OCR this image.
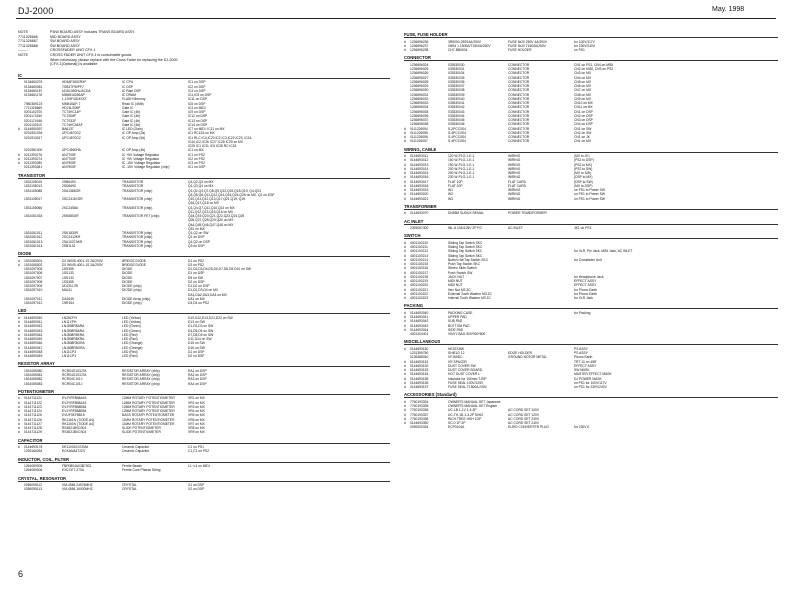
DJ-2000	May. 1998
NOTE	P3N0 BOARD ASSY includes TRANS BOARD ASSY.
7711326666	MID BOARD ASSY
7711326667	SW BOARD ASSY
7711326668	SW BOARD ASSY
--------	CROSSFADER UNIT CFX-1
NOTE	CROSS FADER UNIT CFX-1 is consumable goods.
When necessary, please replace with the Cross Fader for replacing the DJ-2000.
(CFX-1(Optional)) is available
IC
0134660276	HD64F3062RXF	IC CPU	IC1 on DSP
0134660081	TSB47F50PF7	IC DSP	IC2 on DSP
0134660187	UDA1350HL/ACDA	IC Ram DSP	IC3 on DSP
0134661176	M5M516256AP	IC DRAM	IC4,IC5 on DSP
L-10HF4024SXT	FLASH Memory	IC11 on DSP
7980369123	M5M16AP-7	Read IC (4Mb)	IC6 on DSP
7711326669	HD74LS06P	Gate IC	IC4 on MIDI
0201102700	TC74HC14P	Gate IC (4b)	IC9 on DSP
0201174160	TC7S08F	Gate IC (4b)	IC12 on DSP
0201174166	TC7S32F	Gate IC (4b)	IC13 on DSP
0201133110	TC74HC04AF	Gate IC (4b)	IC14 on DSP
#	0144690097	BA6137	IC LED (Gain)	IC7 on MIDI, IC11 on MX
0231931034	UPC4570G2	IC OP Amp (2a)	IC1 RC153 on MX
0231913017	UPC4570G2	IC OP Amp (5d)	IC1 RLC IC4,IC20 IC2 IC3,IC22 IC23, IC24,
IC44,IC2,IC26 IC27 IC28 IC29 on MX
IC25 IC1 IC31 IC6 IC28 RC IC15
0231951000	UPC4560HA	IC OP Amp (4b)	IC1 on MX
#	0211393276	AN7705F	IC +5V Voltage Regulator	IC1 on PS2
#	0211393274	AN7705F	IC +5V Voltage Regulator	IC2 on PS2
#	0211393280	AN7905F	IC -15V Voltage Regulator	IC3 on PS2
0211393281	AN7905F	IC -15V Voltage Regulator (chip)	IC1 on DSP
TRANSISTOR
1531105015	2SB649C	TRANSISTOR	Q1,Q2,Q3 on MX
1531105013	2SD669C	TRANSISTOR	Q1,Q3,Q4 on MX
1531105088	2SA1586GR	TRANSISTOR (chip)	Q1,Q2,Q3,Q7,Q8,Q9,Q12,Q15,Q18,Q19, Q4,Q24
Q4,Q5,Q6,Q11,Q12,Q14,Q16,Q24,Q26 on MX, Q1 on DSP
1531105017	2SC2411KGR	TRANSISTOR (chip)	Q10,Q11,Q12,Q13,Q17,Q21,Q19, Q15
Q16,Q17,Q18 on MX
1531105066	2SC2458A	TRANSISTOR (chip)	Q1,Q4,Q7,Q11,Q10,Q14 on MX
Q11,Q12,Q13,Q15,Q16 on MX
1531061018	2SK880GR	TRANSISTOR FET (chip)	Q18,Q19,Q20,Q21,Q22,Q23,Q24,Q25
Q26,Q27,Q28,Q29,Q30 on MX
Q44,Q45,Q46,Q47,Q48 on MX
Q51 on MX
1531061011	2SK1830R	TRANSISTOR (chip)	Q1,Q2 on SW
1531061012	2SC2413KR	TRANSISTOR (chip)	Q1 on DSP
1531061013	2SA1037AKR	TRANSISTOR (chip)	Q1,Q2 on DSP
1531061014	2SB1132	TRANSISTOR (chip)	Q3 on DSP
DIODE
#	1531065001	D2 W005-4001-1S 2A/200V	BRIDGE DIODE	D1 on PS2
#	1531065002	D2 W005-4001-1S 2A/200V	BRIDGE DIODE	D2 on PS2
1531097005	1SS355	DIODE	D1,D2,D3,D4,D5,D6,D7,D8,D9,D10 on SW
1531097006	1SS133	DIODE	D1 on DSP
1531097007	1SS133	DIODE	D9 on SW
1531097008	1SS355	DIODE	D2 on DSP
1531097009	UDZS4.7B	DIODE (chip)	D1,D2 on DSP
1531097010	MA111	DIODE (chip)	D1,D2,D3,D4 on MX
DA1,DA2,DA3,DA4 on MX
1531097011	DA204K	DIODE Array (chip)	DA1 on MX
1531097012	1SR154	DIODE (chip)	D3,D4 on PS2
LED
#	0144690040	LN28CPH	LED (Yellow)	D10,D12,D13,D21,D22 on SW
#	0144690041	LN11YPH	LED (Yellow)	D13 on SW
#	0144690042	LNJ808R8ARA	LED (Green)	D1,D2,D3 on SW
#	0144690043	LNJ808R8ARA	LED (Green)	D4,D5,D6 on SW
#	0144690044	LNJ808R8KRA	LED (Red)	D7,D8,D9 on SW
#	0144690045	LNJ808R8KRA	LED (Red)	D11,D14 on SW
#	0144690046	LNJ808R8ORA	LED (Orange)	D15 on SW
#	0144690047	LNJ808R8ORA	LED (Orange)	D16 on SW
#	0144690048	LN11CP3	LED (Red)	D1 on DSP
#	0144690049	LN11CP3	LED (Red)	D2 on DSP
RESISTOR ARRAY
1531065080	RCR04G103JTA	RESISTOR ARRAY (chip)	RA1 on DSP
1531065081	RCR04G103JTA	RESISTOR ARRAY (chip)	RA2 on DSP
1531065082	RCR04C101J	RESISTOR ARRAY (chip)	RA3 on DSP
1531065083	RCR04C101J	RESISTOR ARRAY (chip)	RA4 on DSP
POTENTIOMETER
#	0144711121	EVJYRF8B8A15	12MM ROTARY POTENTIOMETER	VR1 on MX
#	0144711122	EVJYRF8B8A15	12MM ROTARY POTENTIOMETER	VR2 on MX
#	0144711123	EVJYRF8B8B54	12MM ROTARY POTENTIOMETER	VR3 on MX
#	0144711124	EVJYRF8B8B54	12MM ROTARY POTENTIOMETER	VR4 on MX
#	0144711125	EVUF3KF8B15	BASS ROTARY POTENTIOMETER	VR5 on MX
#	0144711126	RK1161N (T/ODE A4)	11MM ROTARY POTENTIOMETER	VR6 on MX
#	0144711127	RK1161N (T/ODE A4)	11MM ROTARY POTENTIOMETER	VR7 on MX
#	0144711128	RS4521B0CS04	SLIDE POTENTIOMETER	VR8 on MX
#	0144711129	RS4521B0CS04	SLIDE POTENTIOMETER	VR9 on MX
CAPACITOR
#	0144693178	DE11001E472MA	Ceramic Capacitor	C1 on PS1
1293166264	ECKANA472ZV	Ceramic Capacitor	C1,C2 on PS2
INDUCTOR, COIL, FILTER
1264069005	FBR0804A03B7002	Ferrite Beads	L1~L4 on MIDI
1264069006	EXCCET-270U	Ferrite Core Pharas String
CRYSTAL, RESONATOR
0286095112	VM-4584.24576MHZ	CRYSTAL	X1 on DSP
0286095113	VM-4584.16000MHZ	CRYSTAL	X2 on DSP
FUSE, FUSE HOLDER
#	1236696236	3R5000-250S4A/250V	FUSE 5x20 250V 4A/250V	for 100V/117V
#	1236696237	0HB4 1 1500A/T1500A/250V	FUSE 5x20 T1500A/250V	for 230V/240V
#	1236696238	CH7-BB0004	FUSE HOLDER	on PS1
CONNECTOR
1236696024	033530030	CONNECTOR	CN1 on PS1, CN4 on MIDI
1236696025	033530031	CONNECTOR	CN2 on MIDI, CN3 on PS2
1236696026	033530034	CONNECTOR	CN3 on MX
1236696027	033530035	CONNECTOR	CN4 on MX
1236696028	033530036	CONNECTOR	CN5 on MX
1236696029	033530037	CONNECTOR	CN6 on MX
1236696030	033530038	CONNECTOR	CN7 on MX
1236696031	033530039	CONNECTOR	CN8 on MX
1236696032	033530040	CONNECTOR	CN9 on MX
1236696033	033530041	CONNECTOR	CN10 on MX
1236696034	033530042	CONNECTOR	CN11 on MX
1236696035	033530043	CONNECTOR	CN1 on DSP
1236696036	033530044	CONNECTOR	CN2 on DSP
1236696037	033530045	CONNECTOR	CN3 on DSP
1236696038	033530046	CONNECTOR	CN4 on DSP
#	0111226054	S-2PCC0S4	CONNECTOR	CN1 on SW
#	0111226055	S-4PCC0S4	CONNECTOR	CN2 on SW
#	0111226056	S-4PCC0S4	CONNECTOR	CN1 on JK
#	0111226057	S-4PCC0S4	CONNECTOR	CN1 on MX
WIRING, CABLE
#	0144693011	120 W-PLG-1-E-1	WIRING	(MX to JK)
#	0144693012	150 W-PLG-1-E-1	WIRING	(PS2 to DSP)
#	0144693013	150 W-PLG-1-E-1	WIRING	(PS2 to MX)
#	0144693014	200 W-PLG-1-E-1	WIRING	(PS2 to SW)
#	0144693015	200 W-PLG-1-E-1	WIRING	(MX to SW)
#	0144693016	230 W-PLG-1-E-1	WIRING	(DSP to MX)
#	0144693017	FLAT 10P	FLAT CARD	(DSP to SW)
#	0144693018	FLAT 10P	FLAT CARD	(MX to DSP)
#	0144693019	W1	WIRING	on PS1 to Power SW
#	0144693020	W2	WIRING	on PS1 to Power SW
#	0144693021	W3	WIRING	on PS1 to Power SW
TRANSFORMER
#	0144693070	DN55M SUDUX REMAL	POWER TRANSFORMER
AC INLET
2393057400	INL-6 10A/125V 2P FG	AC INLET	JK1 on PS1
SWITCH
#	4001100210	Sliding Tap Switch SKC
#	4001100211	Sliding Tap Switch SKC
#	4001100212	Sliding Tap Switch SKC	for XLR, Pin Jack, MIDI Jack, AC INLET
#	4001100213	Sliding Tap Switch SKC
#	4001100214	Button Hat Tap Switch SKC	for Crossfader Unit
#	4001100215	Push Tap Switch SKC
#	4001100216	Stereo Slide Switch
#	4001100217	Push Switch SW
#	4001100218	JACK NUT	for Headphone Jack
#	4001100219	MIDI NUT	EFFECT ASSY
#	4001100220	MIDI NUT	EFFECT ASSY
#	4001100221	Hex Nut M3 ZC	for Phono Earth
#	4001100222	External Tooth Washer M3 ZC	for Phono Earth
#	4001100223	Internal Tooth Washer M3 ZC	for XLR Jack
PACKING
#	0144693040	PACKING CASE	for Packing
#	0144693041	UPPER PAD
#	0144693042	SUB PAD
#	0144693043	BOTTOM PAD
#	0144693044	SIDE PAD
4001204401	VINYL BAG 500*500*800
MISCELLANEOUS
#	0144693150	HEATSINK	PS ASSY
1231395780	SHIELD 12	EDGE HOLDER	PS ASSY
0136488040	VF165DC	GROUND NOTOR METAL	Phono Earth
#	0144693151	VR SPACER	TRT 10 on 45R
#	0144693152	DUST COVER SW	EFFECT ASSY
#	0144693153	DUST COVER BOARD	SW MASK
#	0144693154	HOT DUST COVER L	MASTER EFFECT MASK
#	0144693155	Insulator for 100mm T-RIP	DJ POWER MASK
#	0144693156	FUSE SEAL 100V/125V	on PS1 for 100V/117V
#	0144693157	FUSE SEAL T1500A 230V	on PS1 for 230V/240V
ACCESSORIES (Standard)
#	7760193334	OWNER'S MANUAL SET Japanese
#	7760193335	OWNER'S MANUAL SET English
#	7760193336	UC-1B 1-1V 1-4-3P	AC CORD SET 100V
#	7760193337	UC-TH-1B 1-3-2P 50HZ	AC CORD SET 120V
#	7760193338	RICH TREE HSH 1/2P	AC CORD SET 230V
#	0144693350	SC-0 1P-2P	AC CORD SET 240V
0099200334	ECP0104A	EURO CONVERTER PLUG	for 230V E
6
